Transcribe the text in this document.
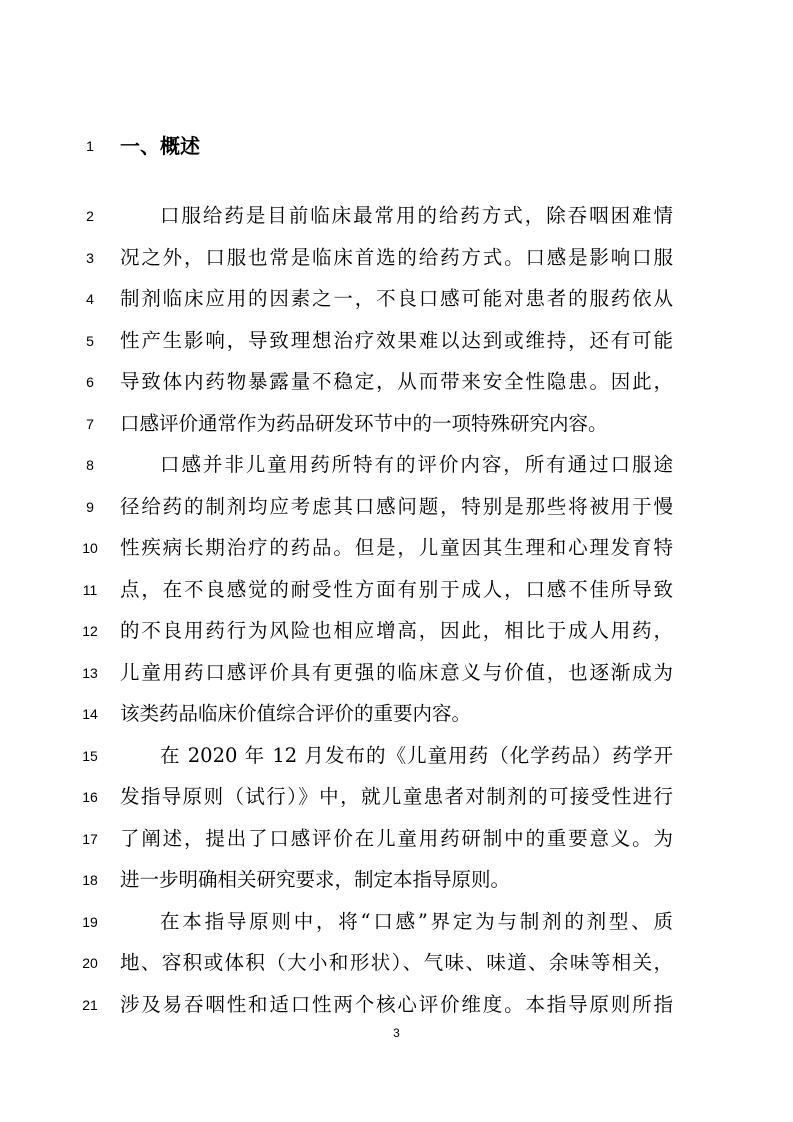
1	一、概述
2	口服给药是目前临床最常用的给药方式，除吞咽困难情
3	况之外，口服也常是临床首选的给药方式。口感是影响口服
4	制剂临床应用的因素之一，不良口感可能对患者的服药依从
5	性产生影响，导致理想治疗效果难以达到或维持，还有可能
6	导致体内药物暴露量不稳定，从而带来安全性隐患。因此，
7	口感评价通常作为药品研发环节中的一项特殊研究内容。
8	口感并非儿童用药所特有的评价内容，所有通过口服途
9	径给药的制剂均应考虑其口感问题，特别是那些将被用于慢
10	性疾病长期治疗的药品。但是，儿童因其生理和心理发育特
11	点，在不良感觉的耐受性方面有别于成人，口感不佳所导致
12	的不良用药行为风险也相应增高，因此，相比于成人用药，
13	儿童用药口感评价具有更强的临床意义与价值，也逐渐成为
14	该类药品临床价值综合评价的重要内容。
15	在 2020 年 12 月发布的《儿童用药（化学药品）药学开
16	发指导原则（试行）》中，就儿童患者对制剂的可接受性进行
17	了阐述，提出了口感评价在儿童用药研制中的重要意义。为
18	进一步明确相关研究要求，制定本指导原则。
19	在本指导原则中，将“口感”界定为与制剂的剂型、质
20	地、容积或体积（大小和形状）、气味、味道、余味等相关，
21	涉及易吞咽性和适口性两个核心评价维度。本指导原则所指
3
